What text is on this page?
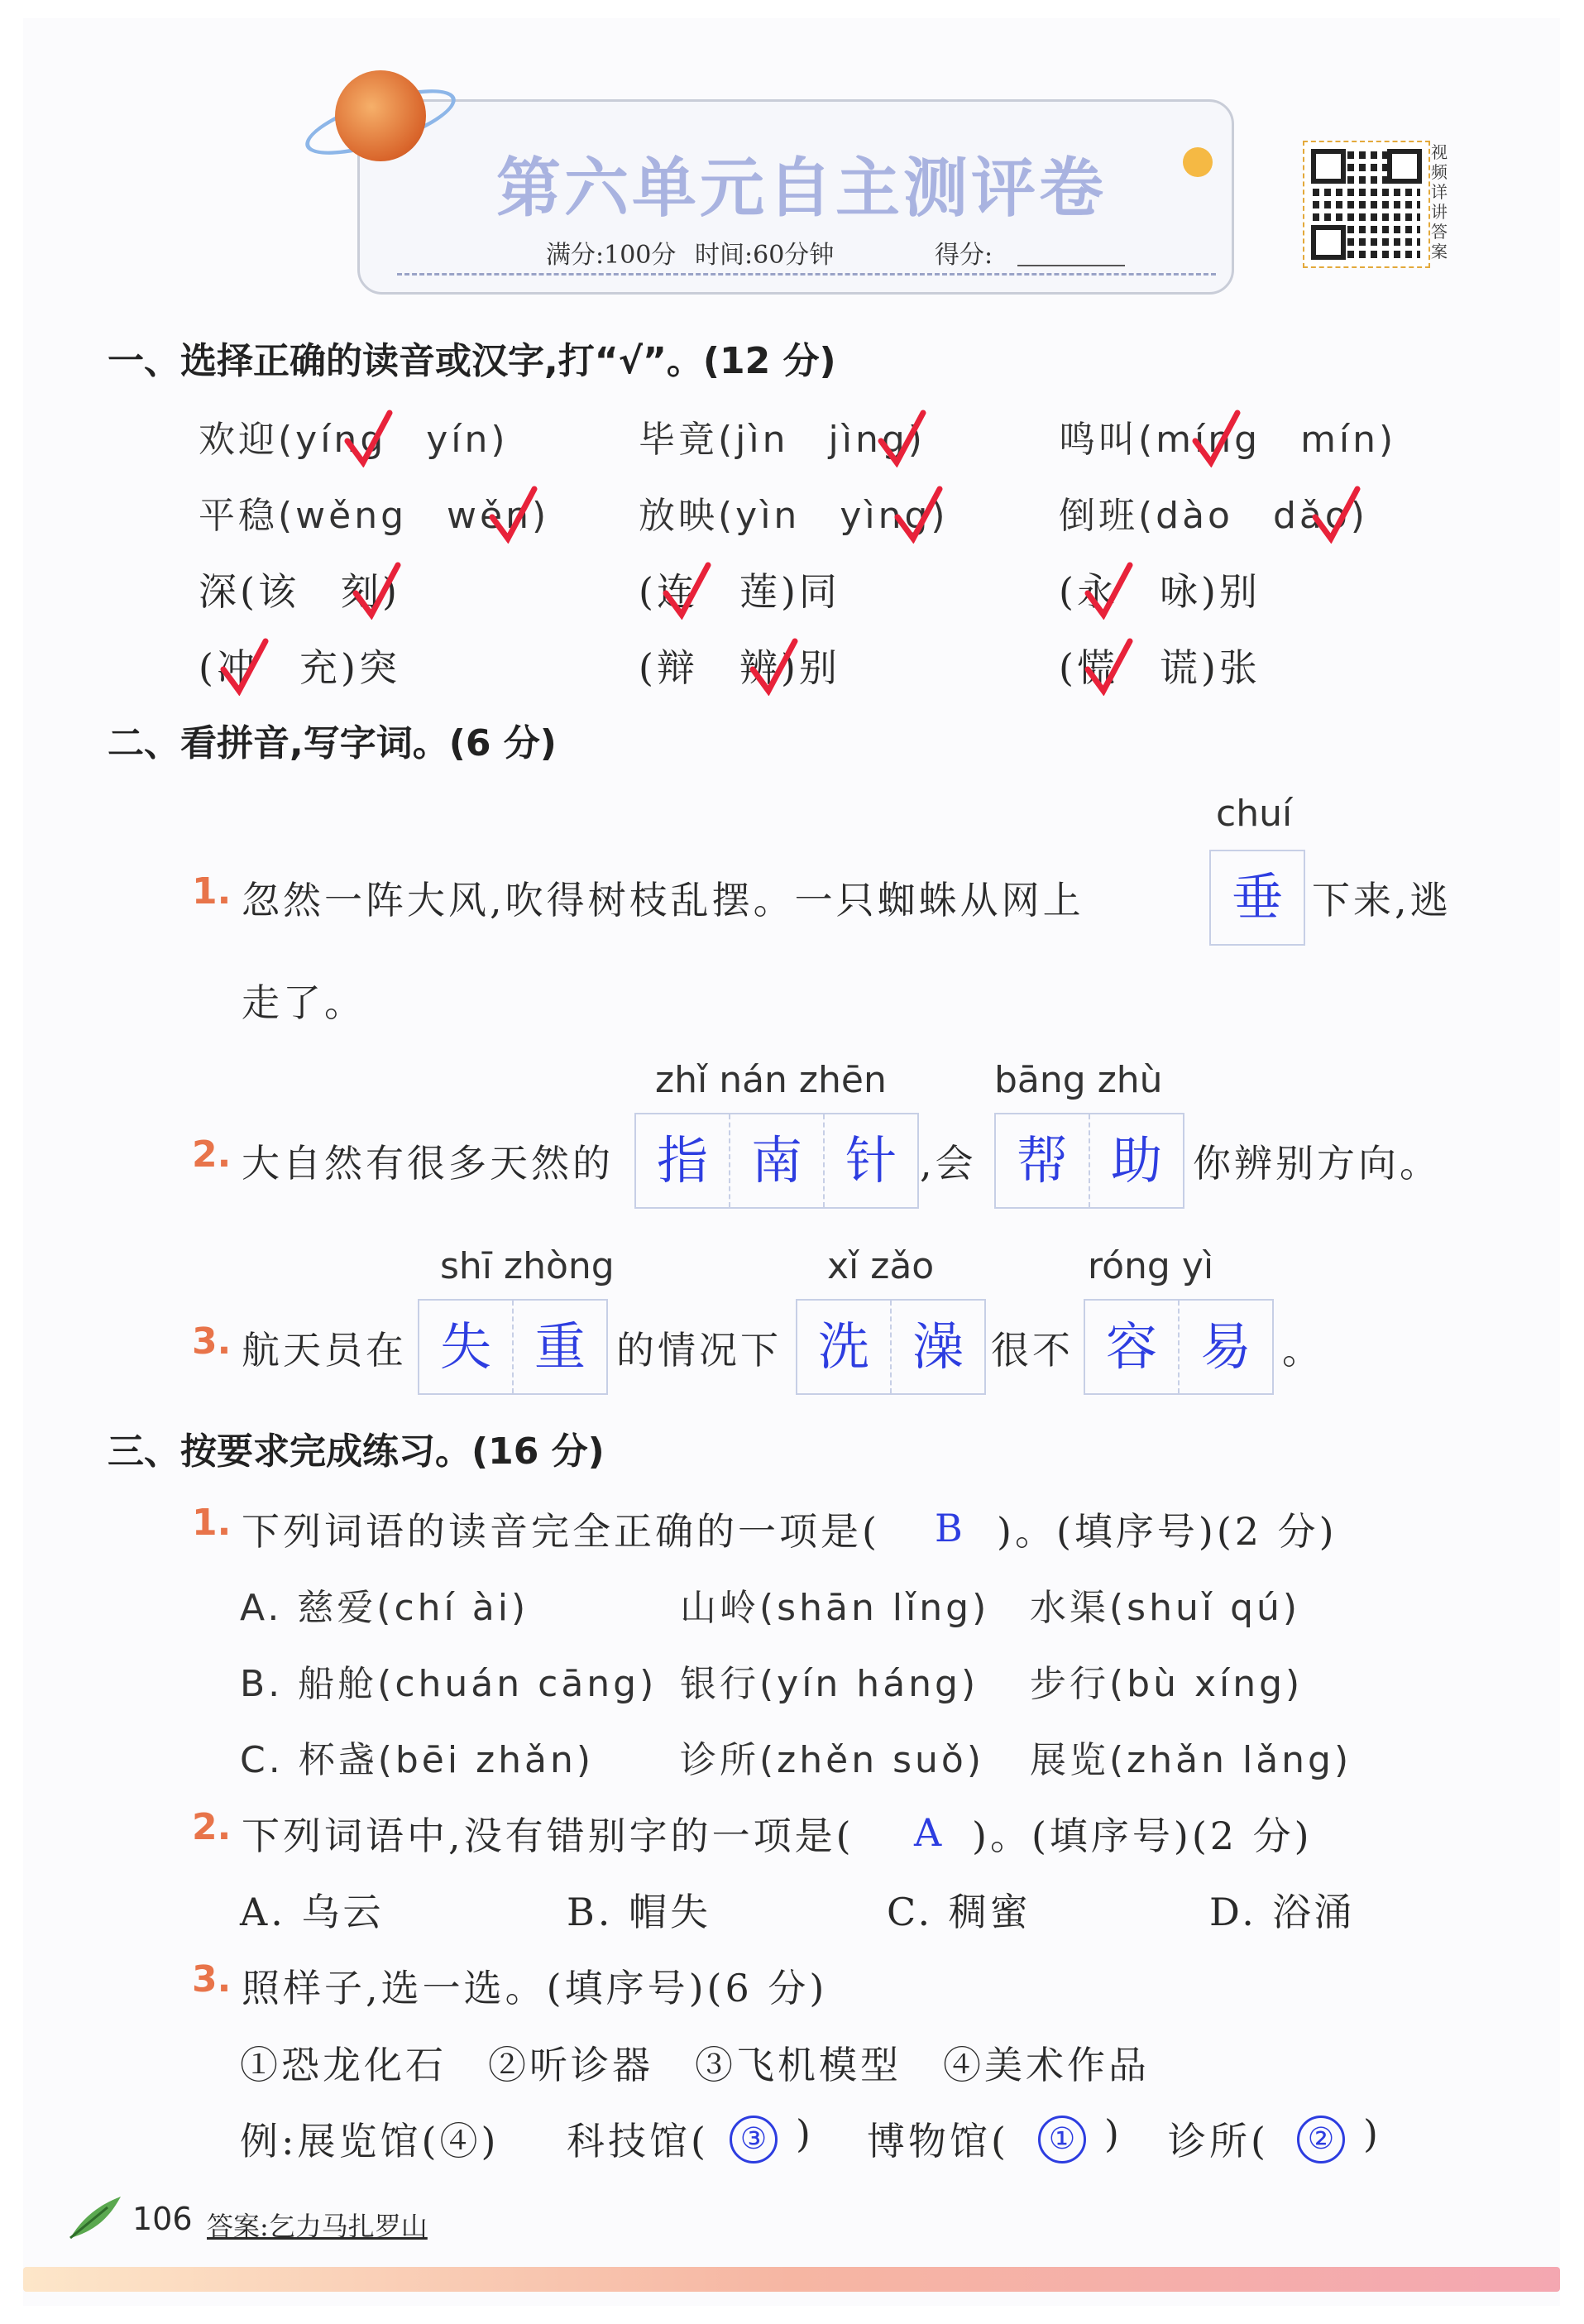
第六单元自主测评卷
满分:100分 时间:60分钟	得分:
视频详讲答案
一、选择正确的读音或汉字,打“√”。(12 分)
欢迎(yíng　yín)	毕竟(jìn　jìng)	鸣叫(míng　mín)
平稳(wěng　wěn) 放映(yìn　yìng)	倒班(dào　dǎo)
深(该　刻)	(连　莲)同	(永　咏)别
(冲　充)突	(辩　辨)别	(慌　谎)张
二、看拼音,写字词。(6 分)
chuí
1. 忽然一阵大风,吹得树枝乱摆。一只蜘蛛从网上	垂 下来,逃
走了。
zhǐ nán zhēn	bāng zhù
2. 大自然有很多天然的 指 南 针 ,会 帮 助 你辨别方向。
shī zhòng	xǐ zǎo	róng yì
3. 航天员在 失 重 的情况下 洗 澡 很不 容 易 。
三、按要求完成练习。(16 分)
1. 下列词语的读音完全正确的一项是( B )。(填序号)(2 分)
A. 慈爱(chí ài)	山岭(shān lǐng) 水渠(shuǐ qú)
B. 船舱(chuán cāng) 银行(yín háng) 步行(bù xíng)
C. 杯盏(bēi zhǎn) 诊所(zhěn suǒ) 展览(zhǎn lǎng)
2. 下列词语中,没有错别字的一项是( A )。(填序号)(2 分)
A. 乌云	B. 帽失	C. 稠蜜	D. 浴涌
3. 照样子,选一选。(填序号)(6 分)
①恐龙化石　②听诊器　③飞机模型　④美术作品
例:展览馆(④) 科技馆(	③ ) 博物馆(	① ) 诊所(	② )
106 答案:乞力马扎罗山
